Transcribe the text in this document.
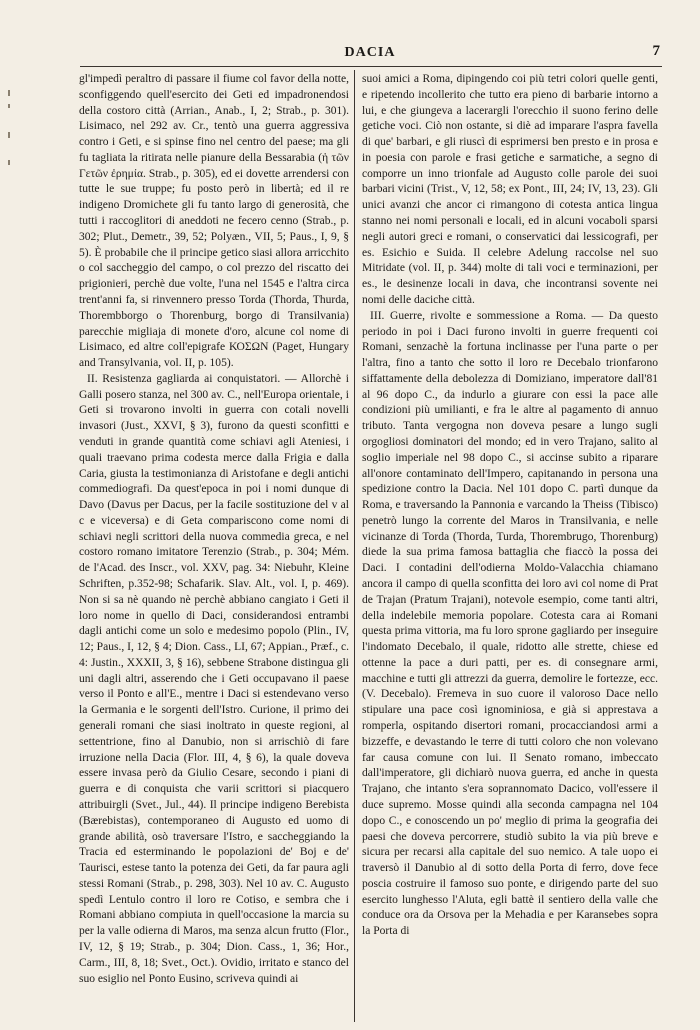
DACIA	7

gl'impedì peraltro di passare il fiume col favor della notte, sconfiggendo quell'esercito dei Geti ed impadronendosi della costoro città (Arrian., Anab., I, 2; Strab., p. 301). Lisimaco, nel 292 av. Cr., tentò una guerra aggressiva contro i Geti, e si spinse fino nel centro del paese; ma gli fu tagliata la ritirata nelle pianure della Bessarabia (ἡ τῶν Γετῶν ἐρημία. Strab., p. 305), ed ei dovette arrendersi con tutte le sue truppe; fu posto però in libertà; ed il re indigeno Dromichete gli fu tanto largo di generosità, che tutti i raccoglitori di aneddoti ne fecero cenno (Strab., p. 302; Plut., Demetr., 39, 52; Polyæn., VII, 5; Paus., I, 9, § 5). È probabile che il principe getico siasi allora arricchito o col saccheggio del campo, o col prezzo del riscatto dei prigionieri, perchè due volte, l'una nel 1545 e l'altra circa trent'anni fa, si rinvennero presso Torda (Thorda, Thurda, Thorembborgo o Thorenburg, borgo di Transilvania) parecchie migliaja di monete d'oro, alcune col nome di Lisimaco, ed altre coll'epigrafe ΚΟΣΩΝ (Paget, Hungary and Transylvania, vol. II, p. 105).

II. Resistenza gagliarda ai conquistatori. — Allorchè i Galli posero stanza, nel 300 av. C., nell'Europa orientale, i Geti si trovarono involti in guerra con cotali novelli invasori (Just., XXVI, § 3), furono da questi sconfitti e venduti in grande quantità come schiavi agli Ateniesi, i quali traevano prima codesta merce dalla Frigia e dalla Caria, giusta la testimonianza di Aristofane e degli antichi commediografi. Da quest'epoca in poi i nomi dunque di Davo (Davus per Dacus, per la facile sostituzione del v al c e viceversa) e di Geta compariscono come nomi di schiavi negli scrittori della nuova commedia greca, e nel costoro romano imitatore Terenzio (Strab., p. 304; Mém. de l'Acad. des Inscr., vol. XXV, pag. 34: Niebuhr, Kleine Schriften, p.352-98; Schafarik. Slav. Alt., vol. I, p. 469). Non si sa nè quando nè perchè abbiano cangiato i Geti il loro nome in quello di Daci, considerandosi entrambi dagli antichi come un solo e medesimo popolo (Plin., IV, 12; Paus., I, 12, § 4; Dion. Cass., LI, 67; Appian., Præf., c. 4: Justin., XXXII, 3, § 16), sebbene Strabone distingua gli uni dagli altri, asserendo che i Geti occupavano il paese verso il Ponto e all'E., mentre i Daci si estendevano verso la Germania e le sorgenti dell'Istro. Curione, il primo dei generali romani che siasi inoltrato in queste regioni, al settentrione, fino al Danubio, non si arrischiò di fare irruzione nella Dacia (Flor. III, 4, § 6), la quale doveva essere invasa però da Giulio Cesare, secondo i piani di guerra e di conquista che varii scrittori si piacquero attribuirgli (Svet., Jul., 44). Il principe indigeno Berebista (Bærebistas), contemporaneo di Augusto ed uomo di grande abilità, osò traversare l'Istro, e saccheggiando la Tracia ed esterminando le popolazioni de' Boj e de' Taurisci, estese tanto la potenza dei Geti, da far paura agli stessi Romani (Strab., p. 298, 303). Nel 10 av. C. Augusto spedì Lentulo contro il loro re Cotiso, e sembra che i Romani abbiano compiuta in quell'occasione la marcia su per la valle odierna di Maros, ma senza alcun frutto (Flor., IV, 12, § 19; Strab., p. 304; Dion. Cass., 1, 36; Hor., Carm., III, 8, 18; Svet., Oct.). Ovidio, irritato e stanco del suo esiglio nel Ponto Eusino, scriveva quindi ai

suoi amici a Roma, dipingendo coi più tetri colori quelle genti, e ripetendo incollerito che tutto era pieno di barbarie intorno a lui, e che giungeva a lacerargli l'orecchio il suono ferino delle getiche voci. Ciò non ostante, si diè ad imparare l'aspra favella di que' barbari, e gli riuscì di esprimersi ben presto e in prosa e in poesia con parole e frasi getiche e sarmatiche, a segno di comporre un inno trionfale ad Augusto colle parole dei suoi barbari vicini (Trist., V, 12, 58; ex Pont., III, 24; IV, 13, 23). Gli unici avanzi che ancor ci rimangono di cotesta antica lingua stanno nei nomi personali e locali, ed in alcuni vocaboli sparsi negli autori greci e romani, o conservatici dai lessicografi, per es. Esichio e Suida. Il celebre Adelung raccolse nel suo Mitridate (vol. II, p. 344) molte di tali voci e terminazioni, per es., le desinenze locali in dava, che incontransi sovente nei nomi delle daciche città.

III. Guerre, rivolte e sommessione a Roma. — Da questo periodo in poi i Daci furono involti in guerre frequenti coi Romani, senzachè la fortuna inclinasse per l'una parte o per l'altra, fino a tanto che sotto il loro re Decebalo trionfarono siffattamente della debolezza di Domiziano, imperatore dall'81 al 96 dopo C., da indurlo a giurare con essi la pace alle condizioni più umilianti, e fra le altre al pagamento di annuo tributo. Tanta vergogna non doveva pesare a lungo sugli orgogliosi dominatori del mondo; ed in vero Trajano, salito al soglio imperiale nel 98 dopo C., si accinse subito a riparare all'onore contaminato dell'Impero, capitanando in persona una spedizione contro la Dacia. Nel 101 dopo C. partì dunque da Roma, e traversando la Pannonia e varcando la Theiss (Tibisco) penetrò lungo la corrente del Maros in Transilvania, e nelle vicinanze di Torda (Thorda, Turda, Thorembrugo, Thorenburg) diede la sua prima famosa battaglia che fiaccò la possa dei Daci. I contadini dell'odierna Moldo-Valacchia chiamano ancora il campo di quella sconfitta dei loro avi col nome di Prat de Trajan (Pratum Trajani), notevole esempio, come tanti altri, della indelebile memoria popolare. Cotesta cara ai Romani questa prima vittoria, ma fu loro sprone gagliardo per inseguire l'indomato Decebalo, il quale, ridotto alle strette, chiese ed ottenne la pace a duri patti, per es. di consegnare armi, macchine e tutti gli attrezzi da guerra, demolire le fortezze, ecc. (V. Decebalo). Fremeva in suo cuore il valoroso Dace nello stipulare una pace così ignominiosa, e già si apprestava a romperla, ospitando disertori romani, procacciandosi armi a bizzeffe, e devastando le terre di tutti coloro che non volevano far causa comune con lui. Il Senato romano, imbeccato dall'imperatore, gli dichiarò nuova guerra, ed anche in questa Trajano, che intanto s'era soprannomato Dacico, voll'essere il duce supremo. Mosse quindi alla seconda campagna nel 104 dopo C., e conoscendo un po' meglio di prima la geografia dei paesi che doveva percorrere, studiò subito la via più breve e sicura per recarsi alla capitale del suo nemico. A tale uopo ei traversò il Danubio al di sotto della Porta di ferro, dove fece poscia costruire il famoso suo ponte, e dirigendo parte del suo esercito lunghesso l'Aluta, egli battè il sentiero della valle che conduce ora da Orsova per la Mehadia e per Karansebes sopra la Porta di
